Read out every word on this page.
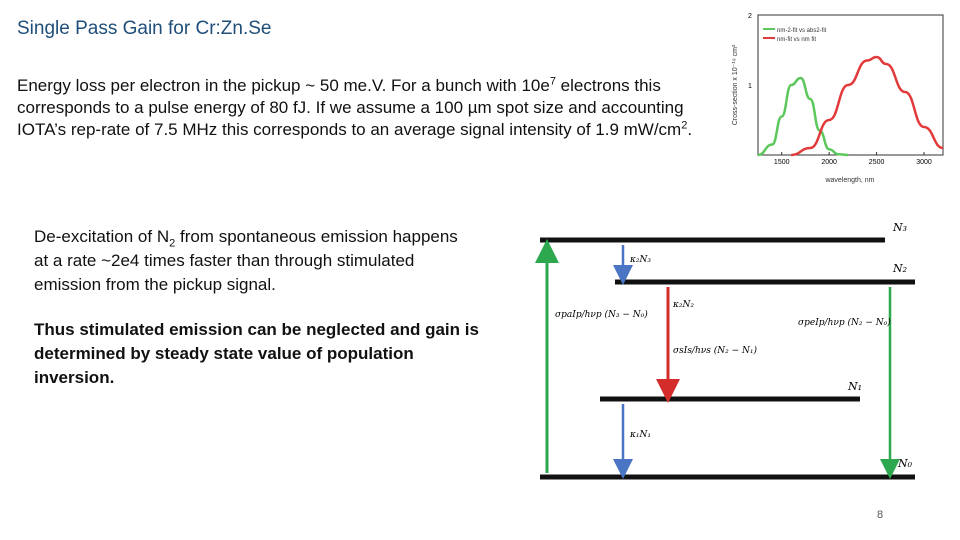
Single Pass Gain for Cr:Zn.Se
Energy loss per electron in the pickup ~ 50 me.V. For a bunch with $10e^7$ electrons this corresponds to a pulse energy of 80 fJ. If we assume a 100 µm spot size and accounting IOTA’s rep-rate of 7.5 MHz this corresponds to an average signal intensity of 1.9 $mW/cm^2$.
De-excitation of $N_2$ from spontaneous emission happens at a rate ~2e4 times faster than through stimulated emission from the pickup signal.
Thus stimulated emission can be neglected and gain is determined by steady state value of population inversion.
1500	2000	2500	3000
1
2
nm-2-fit vs abs2-fit
nm-fit vs nm fit
wavelength, nm
Cross-section x 10⁻¹⁹ cm²
N₃
N₂
N₁
N₀
σpaIp/hνp (N₃ − N₀)
κ₂N₃
κ₂N₂
σsIs/hνs (N₂ − N₁)
κ₁N₁
σpeIp/hνp (N₂ − N₀)
8
